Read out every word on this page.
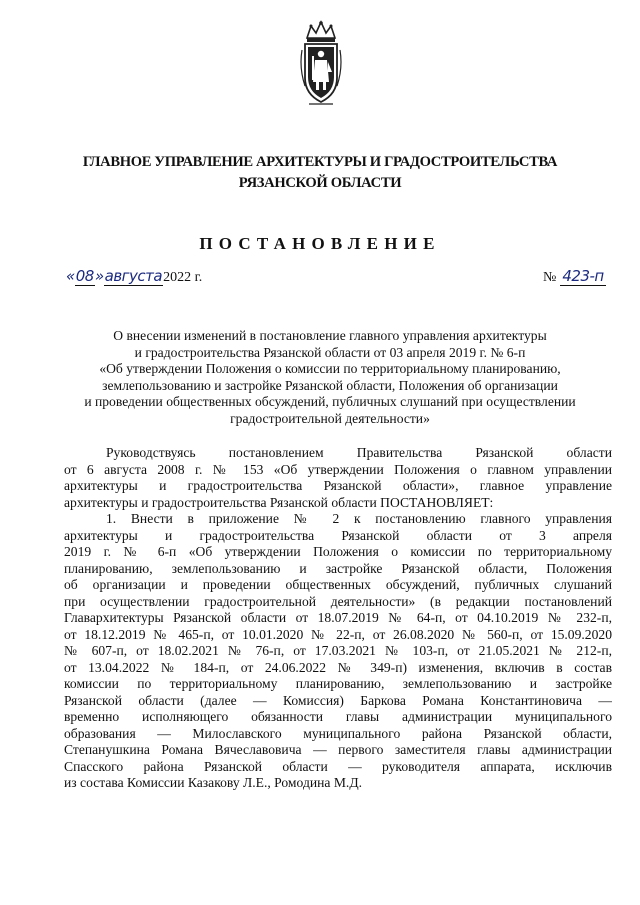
ГЛАВНОЕ УПРАВЛЕНИЕ АРХИТЕКТУРЫ И ГРАДОСТРОИТЕЛЬСТВА
РЯЗАНСКОЙ ОБЛАСТИ
ПОСТАНОВЛЕНИЕ
« 08 » августа 2022 г.	№ 423-п
О внесении изменений в постановление главного управления архитектуры
и градостроительства Рязанской области от 03 апреля 2019 г. № 6-п
«Об утверждении Положения о комиссии по территориальному планированию,
землепользованию и застройке Рязанской области, Положения об организации
и проведении общественных обсуждений, публичных слушаний при осуществлении
градостроительной деятельности»
Руководствуясь постановлением Правительства Рязанской области
от 6 августа 2008 г. № 153 «Об утверждении Положения о главном управлении
архитектуры и градостроительства Рязанской области», главное управление
архитектуры и градостроительства Рязанской области ПОСТАНОВЛЯЕТ:
1. Внести в приложение № 2 к постановлению главного управления
архитектуры и градостроительства Рязанской области от 3 апреля
2019 г. № 6-п «Об утверждении Положения о комиссии по территориальному
планированию, землепользованию и застройке Рязанской области, Положения
об организации и проведении общественных обсуждений, публичных слушаний
при осуществлении градостроительной деятельности» (в редакции постановлений
Главархитектуры Рязанской области от 18.07.2019 № 64-п, от 04.10.2019 № 232-п,
от 18.12.2019 № 465-п, от 10.01.2020 № 22-п, от 26.08.2020 № 560-п, от 15.09.2020
№ 607-п, от 18.02.2021 № 76-п, от 17.03.2021 № 103-п, от 21.05.2021 № 212-п,
от 13.04.2022 № 184-п, от 24.06.2022 № 349-п) изменения, включив в состав
комиссии по территориальному планированию, землепользованию и застройке
Рязанской области (далее — Комиссия) Баркова Романа Константиновича —
временно исполняющего обязанности главы администрации муниципального
образования — Милославского муниципального района Рязанской области,
Степанушкина Романа Вячеславовича — первого заместителя главы администрации
Спасского района Рязанской области — руководителя аппарата, исключив
из состава Комиссии Казакову Л.Е., Ромодина М.Д.
